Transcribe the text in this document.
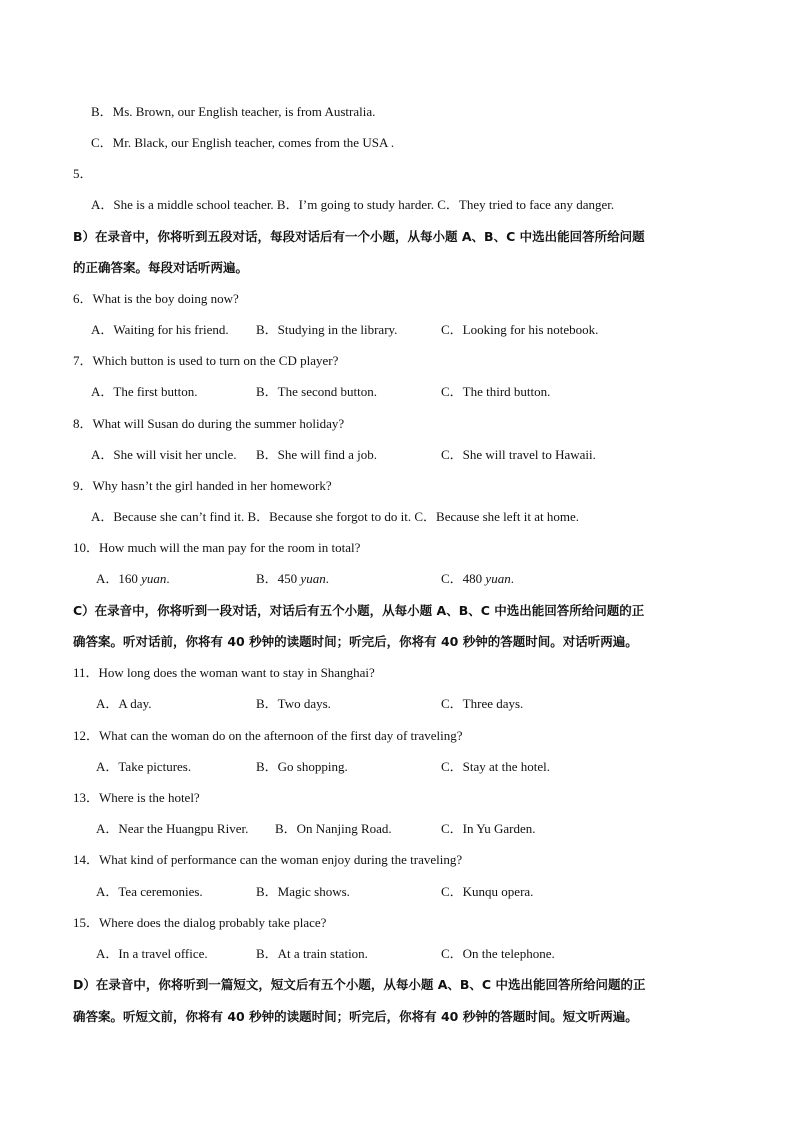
B．Ms. Brown, our English teacher, is from Australia.
C．Mr. Black, our English teacher, comes from the USA .
5．
A．She is a middle school teacher. B．I’m going to study harder. C．They tried to face any danger.
B）在录音中，你将听到五段对话，每段对话后有一个小题，从每小题 A、B、C 中选出能回答所给问题
的正确答案。每段对话听两遍。
6．What is the boy doing now?
A．Waiting for his friend. B．Studying in the library.	C．Looking for his notebook.
7．Which button is used to turn on the CD player?
A．The first button.	B．The second button.	C．The third button.
8．What will Susan do during the summer holiday?
A．She will visit her uncle. B．She will find a job.	C．She will travel to Hawaii.
9．Why hasn’t the girl handed in her homework?
A．Because she can’t find it. B．Because she forgot to do it. C．Because she left it at home.
10．How much will the man pay for the room in total?
A．160 yuan.	B．450 yuan.	C．480 yuan.
C）在录音中，你将听到一段对话，对话后有五个小题，从每小题 A、B、C 中选出能回答所给问题的正
确答案。听对话前，你将有 40 秒钟的读题时间；听完后，你将有 40 秒钟的答题时间。对话听两遍。
11．How long does the woman want to stay in Shanghai?
A．A day.	B．Two days.	C．Three days.
12．What can the woman do on the afternoon of the first day of traveling?
A．Take pictures.	B．Go shopping.	C．Stay at the hotel.
13．Where is the hotel?
A．Near the Huangpu River. B．On Nanjing Road.	C．In Yu Garden.
14．What kind of performance can the woman enjoy during the traveling?
A．Tea ceremonies.	B．Magic shows.	C．Kunqu opera.
15．Where does the dialog probably take place?
A．In a travel office.	B．At a train station.	C．On the telephone.
D）在录音中，你将听到一篇短文，短文后有五个小题，从每小题 A、B、C 中选出能回答所给问题的正
确答案。听短文前，你将有 40 秒钟的读题时间；听完后，你将有 40 秒钟的答题时间。短文听两遍。
